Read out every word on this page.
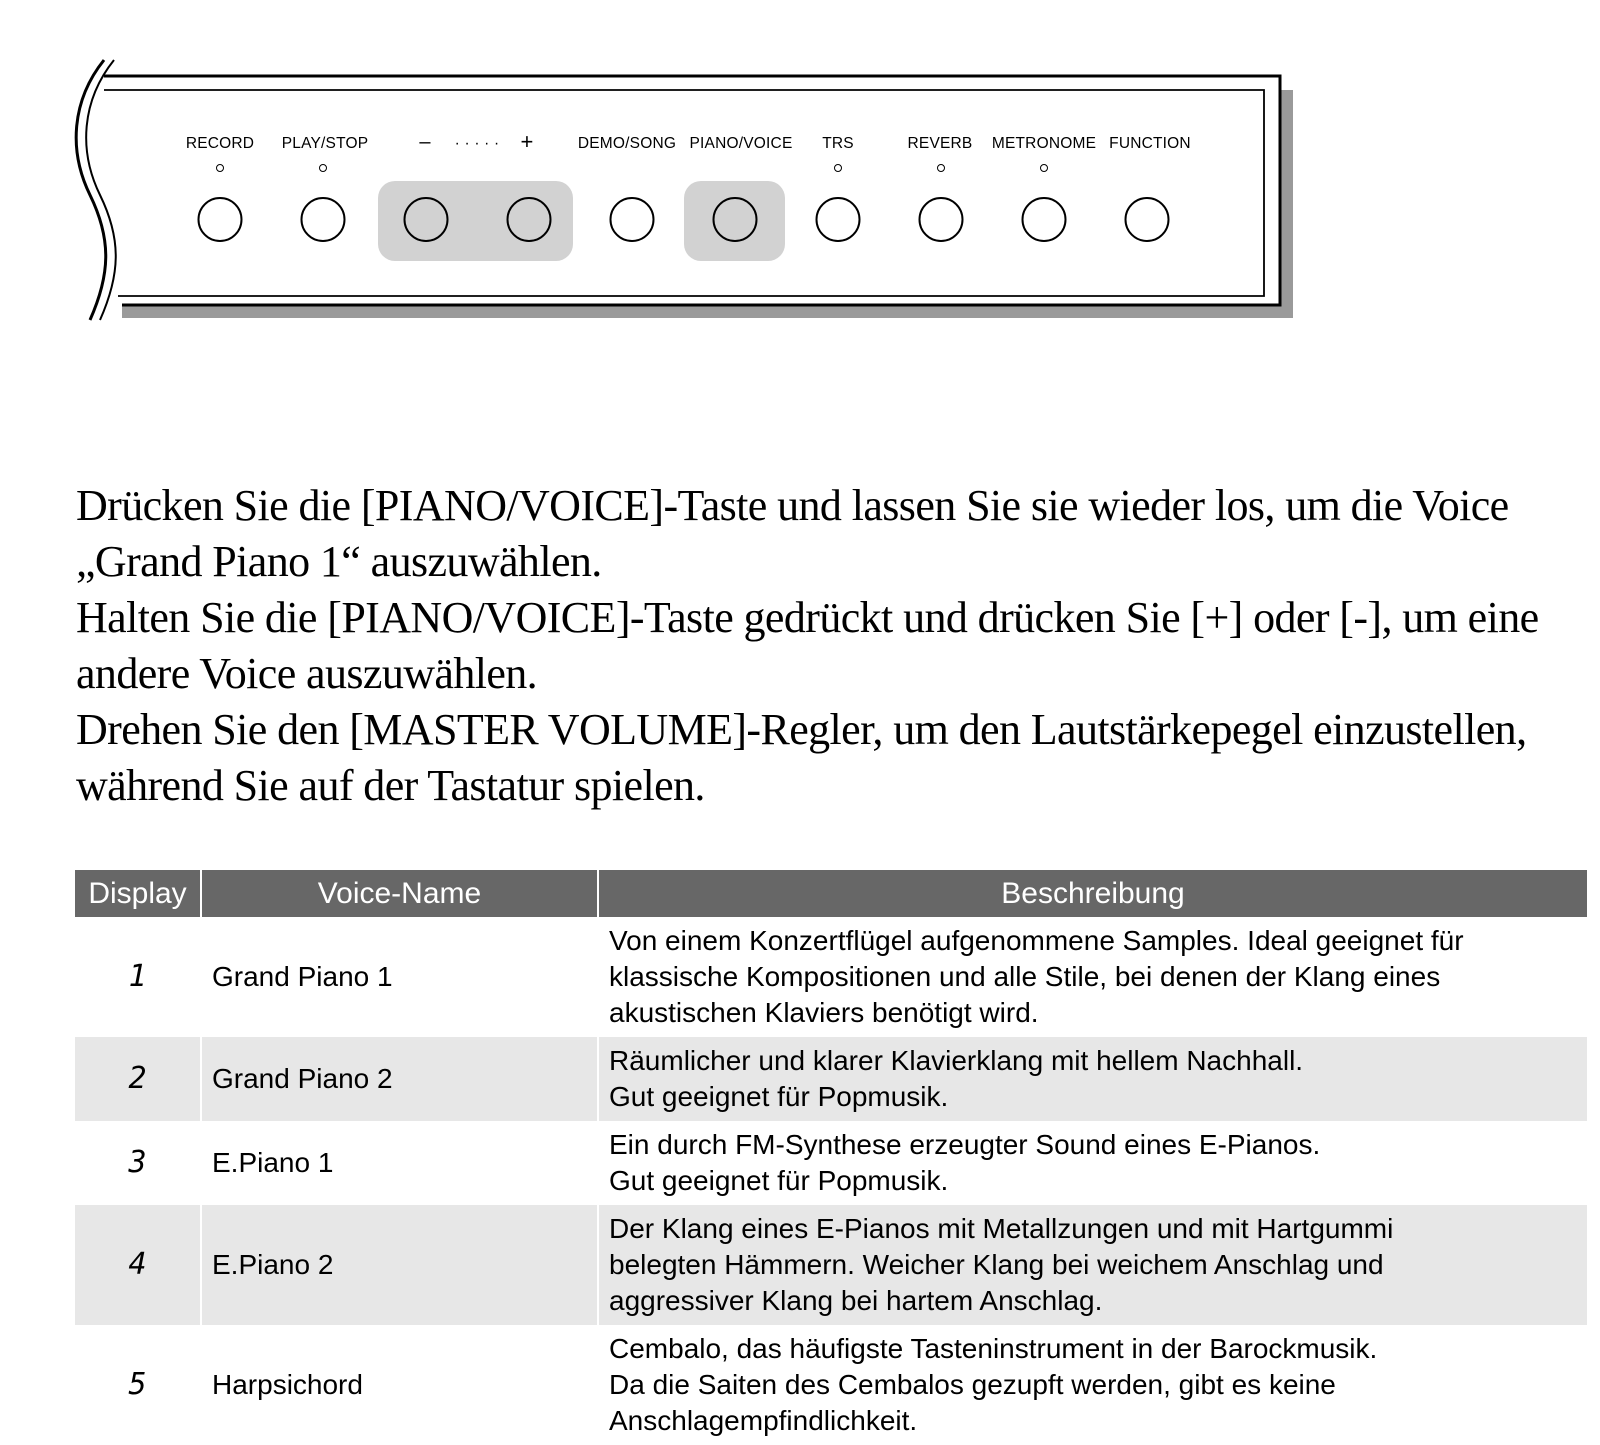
RECORD PLAY/STOP	– · · · · · +	DEMO/SONG PIANO/VOICE TRS	REVERB METRONOME FUNCTION

Drücken Sie die [PIANO/VOICE]-Taste und lassen Sie sie wieder los, um die Voice „Grand Piano 1“ auszuwählen.

Halten Sie die [PIANO/VOICE]-Taste gedrückt und drücken Sie [+] oder [-], um eine andere Voice auszuwählen.

Drehen Sie den [MASTER VOLUME]-Regler, um den Lautstärkepegel einzustellen, während Sie auf der Tastatur spielen.

Display	Voice-Name	Beschreibung
1	Grand Piano 1	Von einem Konzertflügel aufgenommene Samples. Ideal geeignet für
klassische Kompositionen und alle Stile, bei denen der Klang eines
akustischen Klaviers benötigt wird.

2	Grand Piano 2	Räumlicher und klarer Klavierklang mit hellem Nachhall.
Gut geeignet für Popmusik.

3	E.Piano 1	Ein durch FM-Synthese erzeugter Sound eines E-Pianos.
Gut geeignet für Popmusik.

4	E.Piano 2	Der Klang eines E-Pianos mit Metallzungen und mit Hartgummi
belegten Hämmern. Weicher Klang bei weichem Anschlag und
aggressiver Klang bei hartem Anschlag.

5	Harpsichord	Cembalo, das häufigste Tasteninstrument in der Barockmusik.
Da die Saiten des Cembalos gezupft werden, gibt es keine
Anschlagempfindlichkeit.
